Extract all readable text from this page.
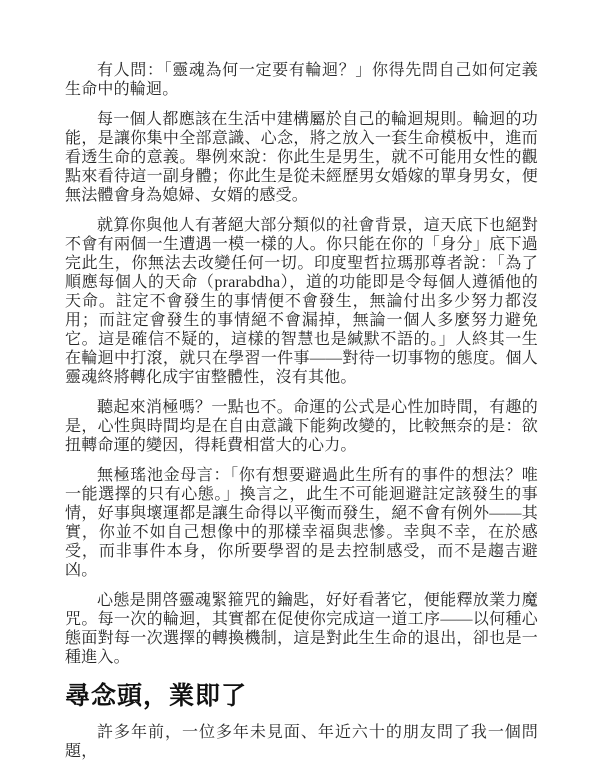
有人問：「靈魂為何一定要有輪迴？」你得先問自己如何定義生命中的輪迴。

每一個人都應該在生活中建構屬於自己的輪迴規則。輪迴的功能，是讓你集中全部意識、心念，將之放入一套生命模板中，進而看透生命的意義。舉例來說：你此生是男生，就不可能用女性的觀點來看待這一副身體；你此生是從未經歷男女婚嫁的單身男女，便無法體會身為媳婦、女婿的感受。

就算你與他人有著絕大部分類似的社會背景，這天底下也絕對不會有兩個一生遭遇一模一樣的人。你只能在你的「身分」底下過完此生，你無法去改變任何一切。印度聖哲拉瑪那尊者說：「為了順應每個人的天命（prarabdha），道的功能即是令每個人遵循他的天命。註定不會發生的事情便不會發生，無論付出多少努力都沒用；而註定會發生的事情絕不會漏掉，無論一個人多麼努力避免它。這是確信不疑的，這樣的智慧也是緘默不語的。」人終其一生在輪迴中打滾，就只在學習一件事——對待一切事物的態度。個人靈魂終將轉化成宇宙整體性，沒有其他。

聽起來消極嗎？一點也不。命運的公式是心性加時間，有趣的是，心性與時間均是在自由意識下能夠改變的，比較無奈的是：欲扭轉命運的變因，得耗費相當大的心力。

無極瑤池金母言：「你有想要避過此生所有的事件的想法？唯一能選擇的只有心態。」換言之，此生不可能迴避註定該發生的事情，好事與壞運都是讓生命得以平衡而發生，絕不會有例外——其實，你並不如自己想像中的那樣幸福與悲慘。幸與不幸，在於感受，而非事件本身，你所要學習的是去控制感受，而不是趨吉避凶。

心態是開啓靈魂緊箍咒的鑰匙，好好看著它，便能釋放業力魔咒。每一次的輪迴，其實都在促使你完成這一道工序——以何種心態面對每一次選擇的轉換機制，這是對此生生命的退出，卻也是一種進入。

尋念頭，業即了

許多年前，一位多年未見面、年近六十的朋友問了我一個問題，
